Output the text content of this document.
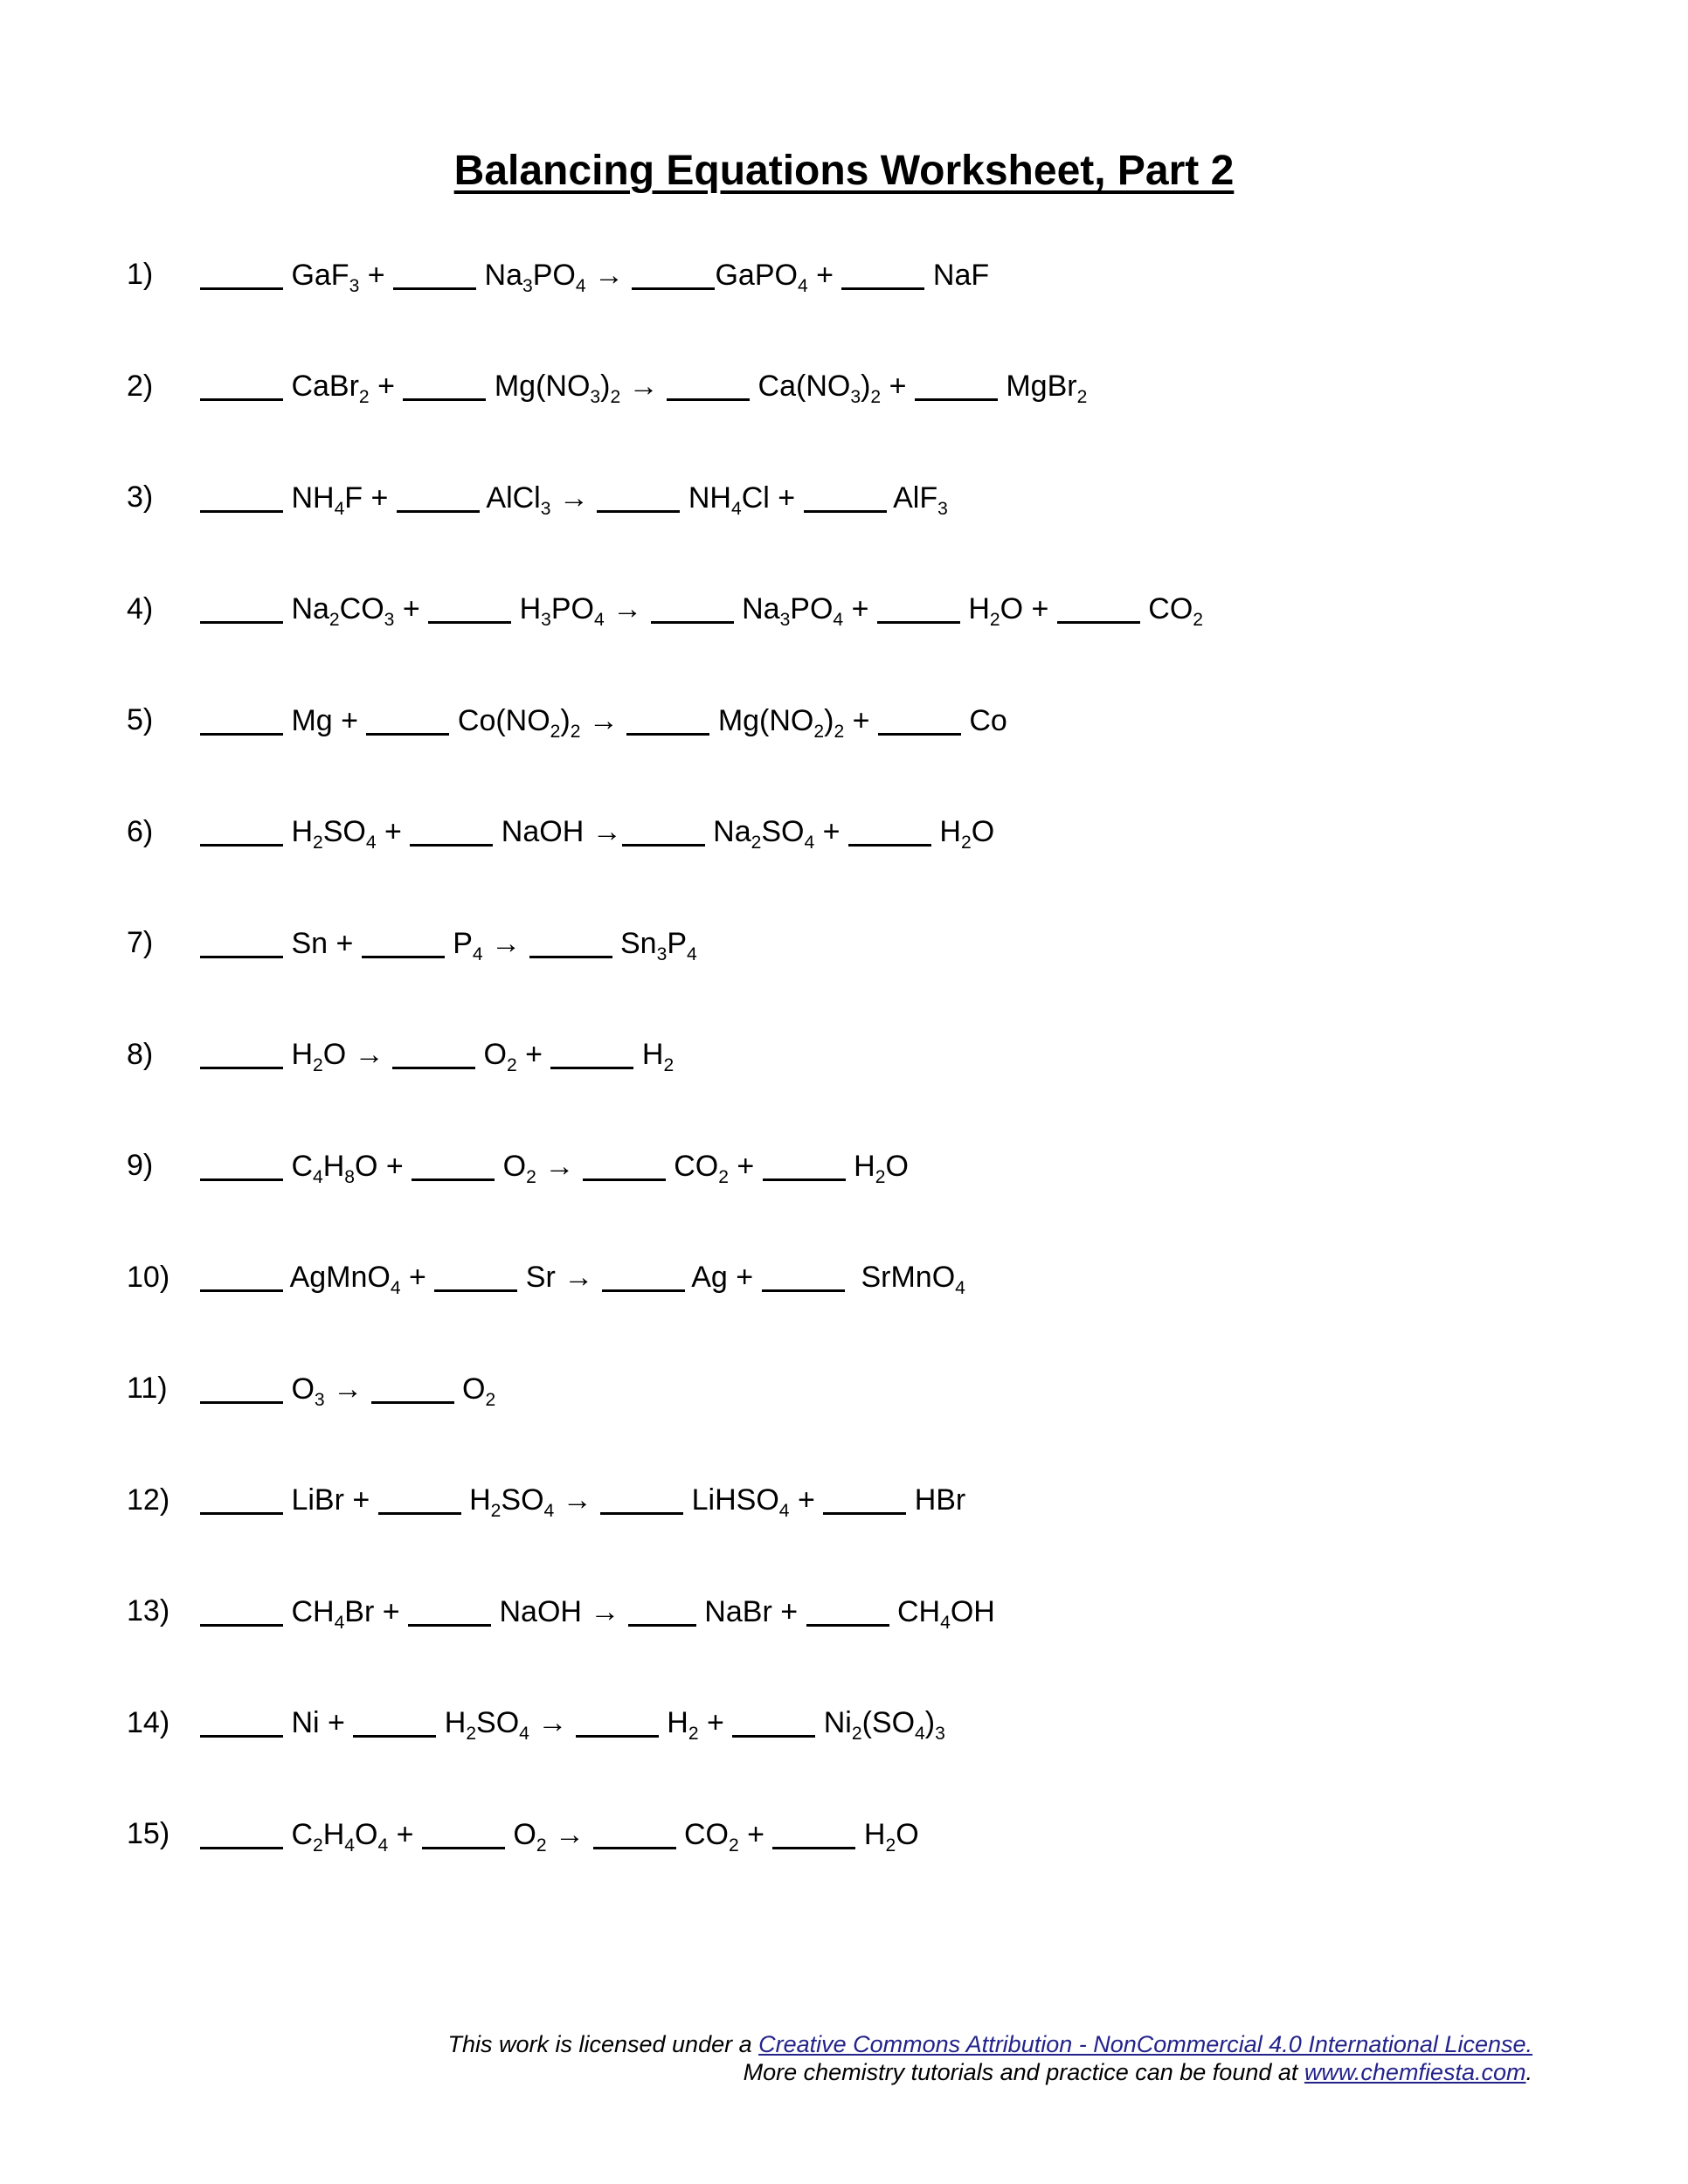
Balancing Equations Worksheet, Part 2
1)	GaF$_3$ +	$Na_3PO_4$ →	GaPO$_4$ +	NaF
2)	CaBr$_2$ +	$Mg(NO_3)_2$ →	$Ca(NO_3)_2$ +	MgBr$_2$
3)	$NH_4F$ +	AlCl$_3$ →	$NH_4Cl$ +	AlF$_3$
4)	$Na_2CO_3$ +	$H_3PO_4$ →	$Na_3PO_4$ +	$H_2O$ +	$CO_2$
5)	Mg +	$Co(NO_2)_2$ →	$Mg(NO_2)_2$ +	Co
6)	$H_2SO_4$ +	NaOH →	$Na_2SO_4$ +	$H_2O$
7)	Sn +	$P_4$ →	$Sn_3P_4$
8)	$H_2O$ →	$O_2$ +	$H_2$
9)	$C_4H_8O$ +	$O_2$ →	$CO_2$ +	$H_2O$
10)	AgMnO$_4$ +	Sr →	Ag +	SrMnO$_4$
11)	$O_3$ →	$O_2$
12)	LiBr +	$H_2SO_4$ →	LiHSO$_4$ +	HBr
13)	$CH_4Br$ +	NaOH →  NaBr +	$CH_4OH$
14)	Ni +	$H_2SO_4$ →	$H_2$ +	$Ni_2(SO_4)_3$
15)	$C_2H_4O_4$ +	$O_2$ →	$CO_2$ +	$H_2O$
This work is licensed under a Creative Commons Attribution - NonCommercial 4.0 International License.
More chemistry tutorials and practice can be found at www.chemfiesta.com.
